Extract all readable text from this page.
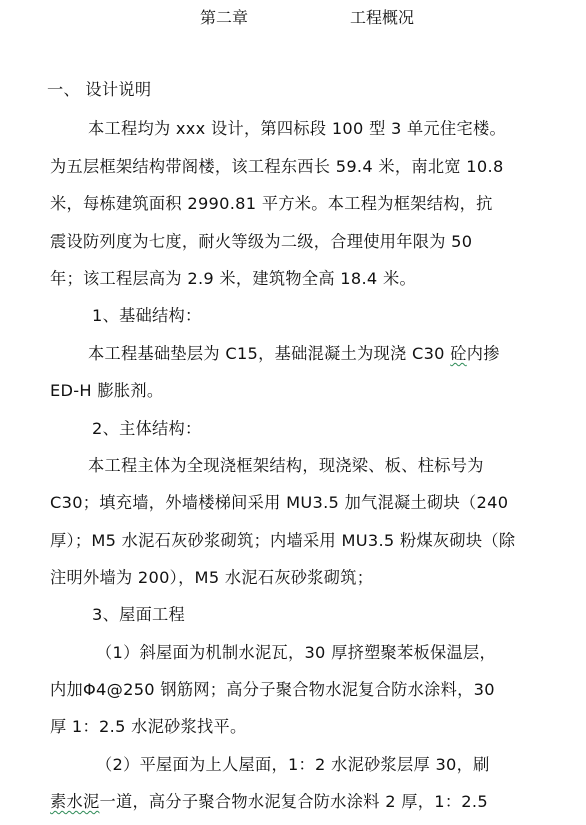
第二章	工程概况
一、 设计说明
本工程均为 xxx 设计，第四标段 100 型 3 单元住宅楼。
为五层框架结构带阁楼，该工程东西长 59.4 米，南北宽 10.8
米，每栋建筑面积 2990.81 平方米。本工程为框架结构，抗
震设防列度为七度，耐火等级为二级，合理使用年限为 50
年；该工程层高为 2.9 米，建筑物全高 18.4 米。
1、基础结构：
本工程基础垫层为 C15，基础混凝土为现浇 C30 砼内掺
ED-H 膨胀剂。
2、主体结构：
本工程主体为全现浇框架结构，现浇梁、板、柱标号为
C30；填充墙，外墙楼梯间采用 MU3.5 加气混凝土砌块（240
厚）；M5 水泥石灰砂浆砌筑；内墙采用 MU3.5 粉煤灰砌块（除
注明外墙为 200），M5 水泥石灰砂浆砌筑；
3、屋面工程
（1）斜屋面为机制水泥瓦，30 厚挤塑聚苯板保温层，
内加Φ4@250 钢筋网；高分子聚合物水泥复合防水涂料，30
厚 1：2.5 水泥砂浆找平。
（2）平屋面为上人屋面，1：2 水泥砂浆层厚 30，刷
素水泥一道，高分子聚合物水泥复合防水涂料 2 厚，1：2.5
